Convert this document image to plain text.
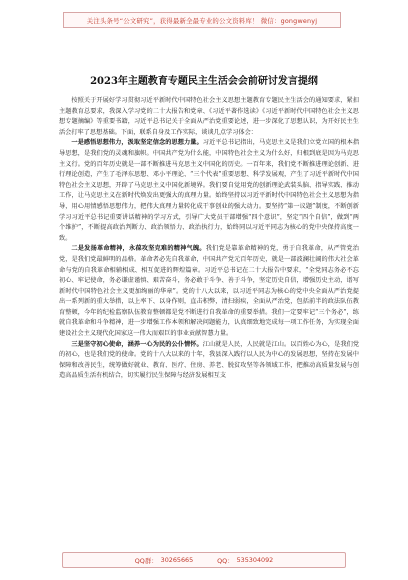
关注头条号“公文研究”，获得最新全最专业的公文资料库！ 微信：gongwenyj
2023年主题教育专题民主生活会会前研讨发言提纲

按照关于开展好学习贯彻习近平新时代中国特色社会主义思想主题教育专题民主生活会的通知要求，紧扣主题教育总要求，我深入学习党的二十大报告和党章、《习近平著作选读》《习近平新时代中国特色社会主义思想专题摘编》等重要书籍，习近平总书记关于全面从严治党重要论述，进一步深化了思想认识，为开好民主生活会打牢了思想基础。下面，联系自身及工作实际，谈谈几点学习体会：

一是感悟思想伟力，汲取坚定信念的思想力量。习近平总书记指出，马克思主义是我们立党立国的根本指导思想，是我们党的灵魂和旗帜。中国共产党为什么能，中国特色社会主义为什么好，归根到底是因为马克思主义行。党的百年历史就是一部不断推进马克思主义中国化的历史。一百年来，我们党不断推进理论创新、进行理论创造，产生了毛泽东思想、邓小平理论、“三个代表”重要思想、科学发展观，产生了习近平新时代中国特色社会主义思想，开辟了马克思主义中国化新境界。我们要自觉用党的创新理论武装头脑、指导实践、推动工作，让马克思主义在新时代焕发出更强大的真理力量。始终坚持以习近平新时代中国特色社会主义思想为指导，用心用情感悟思想伟力，把伟大真理力量转化成干事创业的强大动力。要坚持“第一议题”制度，不断创新学习习近平总书记重要讲话精神的学习方式，引导广大党员干部增强“四个意识”，坚定“四个自信”，做到“两个维护”，不断提高政治判断力、政治领悟力、政治执行力，始终同以习近平同志为核心的党中央保持高度一致。

二是发扬革命精神，永葆攻坚克难的精神气魄。我们党是靠革命精神的党，勇于自我革命，从严管党治党，是我们党最鲜明的品格。革命者必先自我革命，中国共产党元百年历史，就是一部波澜壮阔的伟大社会革命与党的自我革命相辅相成、相互促进的辉煌篇章。习近平总书记在二十大报告中要求，“全党同志务必不忘初心、牢记使命，务必谦虚谨慎、艰苦奋斗，务必敢于斗争、善于斗争，坚定历史自信，增强历史主动，谱写新时代中国特色社会主义更加绚丽的华章”。党的十八大以来，以习近平同志为核心的党中央全面从严治党提出一系列新的重大举措，以上率下、以身作则，直击积弊，清扫弱疾，全面从严治党，包括前半的政法队伍教育整顿，今年的纪检监察队伍教育整顿都是党不断进行自我革命的重要举措。我们一定要牢记“三个务必”，练就自我革命和斗争精神，进一步增强工作本领和解决问题能力，认真细致地完成每一项工作任务，为实现全面建设社会主义现代化国家这一伟大而艰巨的事业贡献智慧力量。

三是坚守初心使命，涵养一心为民的公仆情怀。江山就是人民，人民就是江山。以百姓心为心，是我们党的初心，也是我们党的使命。党的十八大以来的十年，我县深入践行以人民为中心的发展思想，坚持在发展中保障和改善民生，统筹做好就业、教育、医疗、住房、养老、脱贫攻坚等各领域工作，把推动高质量发展与创造高品质生活有机结合，切实履行民生保障与经济发展相互支

QQ群： 30265665	QQ： 535304092
